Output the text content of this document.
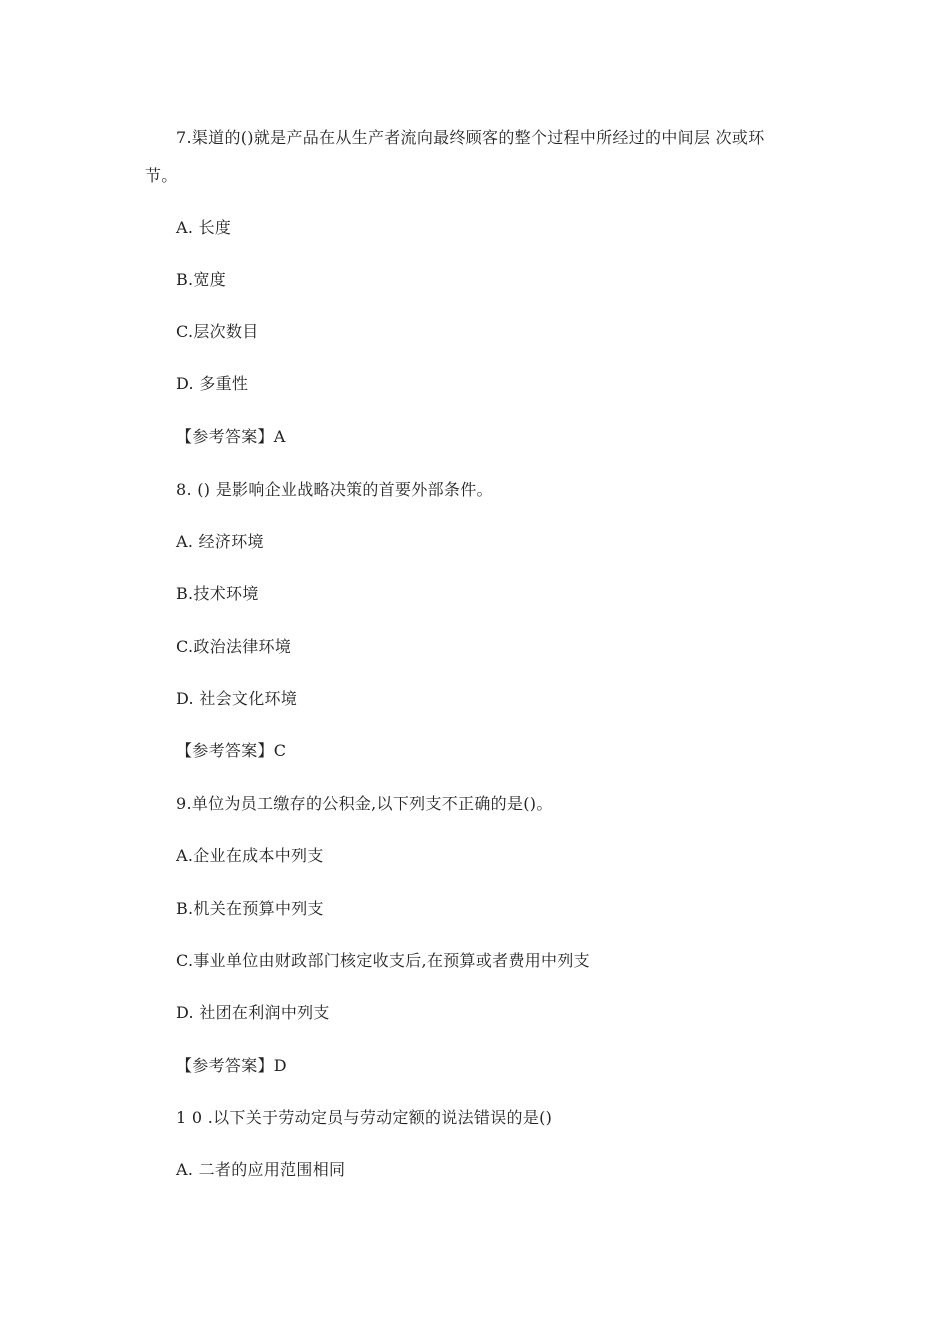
7.渠道的()就是产品在从生产者流向最终顾客的整个过程中所经过的中间层 次或环
节。
A. 长度
B.宽度
C.层次数目
D. 多重性
【参考答案】A
8. () 是影响企业战略决策的首要外部条件。
A. 经济环境
B.技术环境
C.政治法律环境
D. 社会文化环境
【参考答案】C
9.单位为员工缴存的公积金,以下列支不正确的是()。
A.企业在成本中列支
B.机关在预算中列支
C.事业单位由财政部门核定收支后,在预算或者费用中列支
D. 社团在利润中列支
【参考答案】D
1 0 .以下关于劳动定员与劳动定额的说法错误的是()
A. 二者的应用范围相同
